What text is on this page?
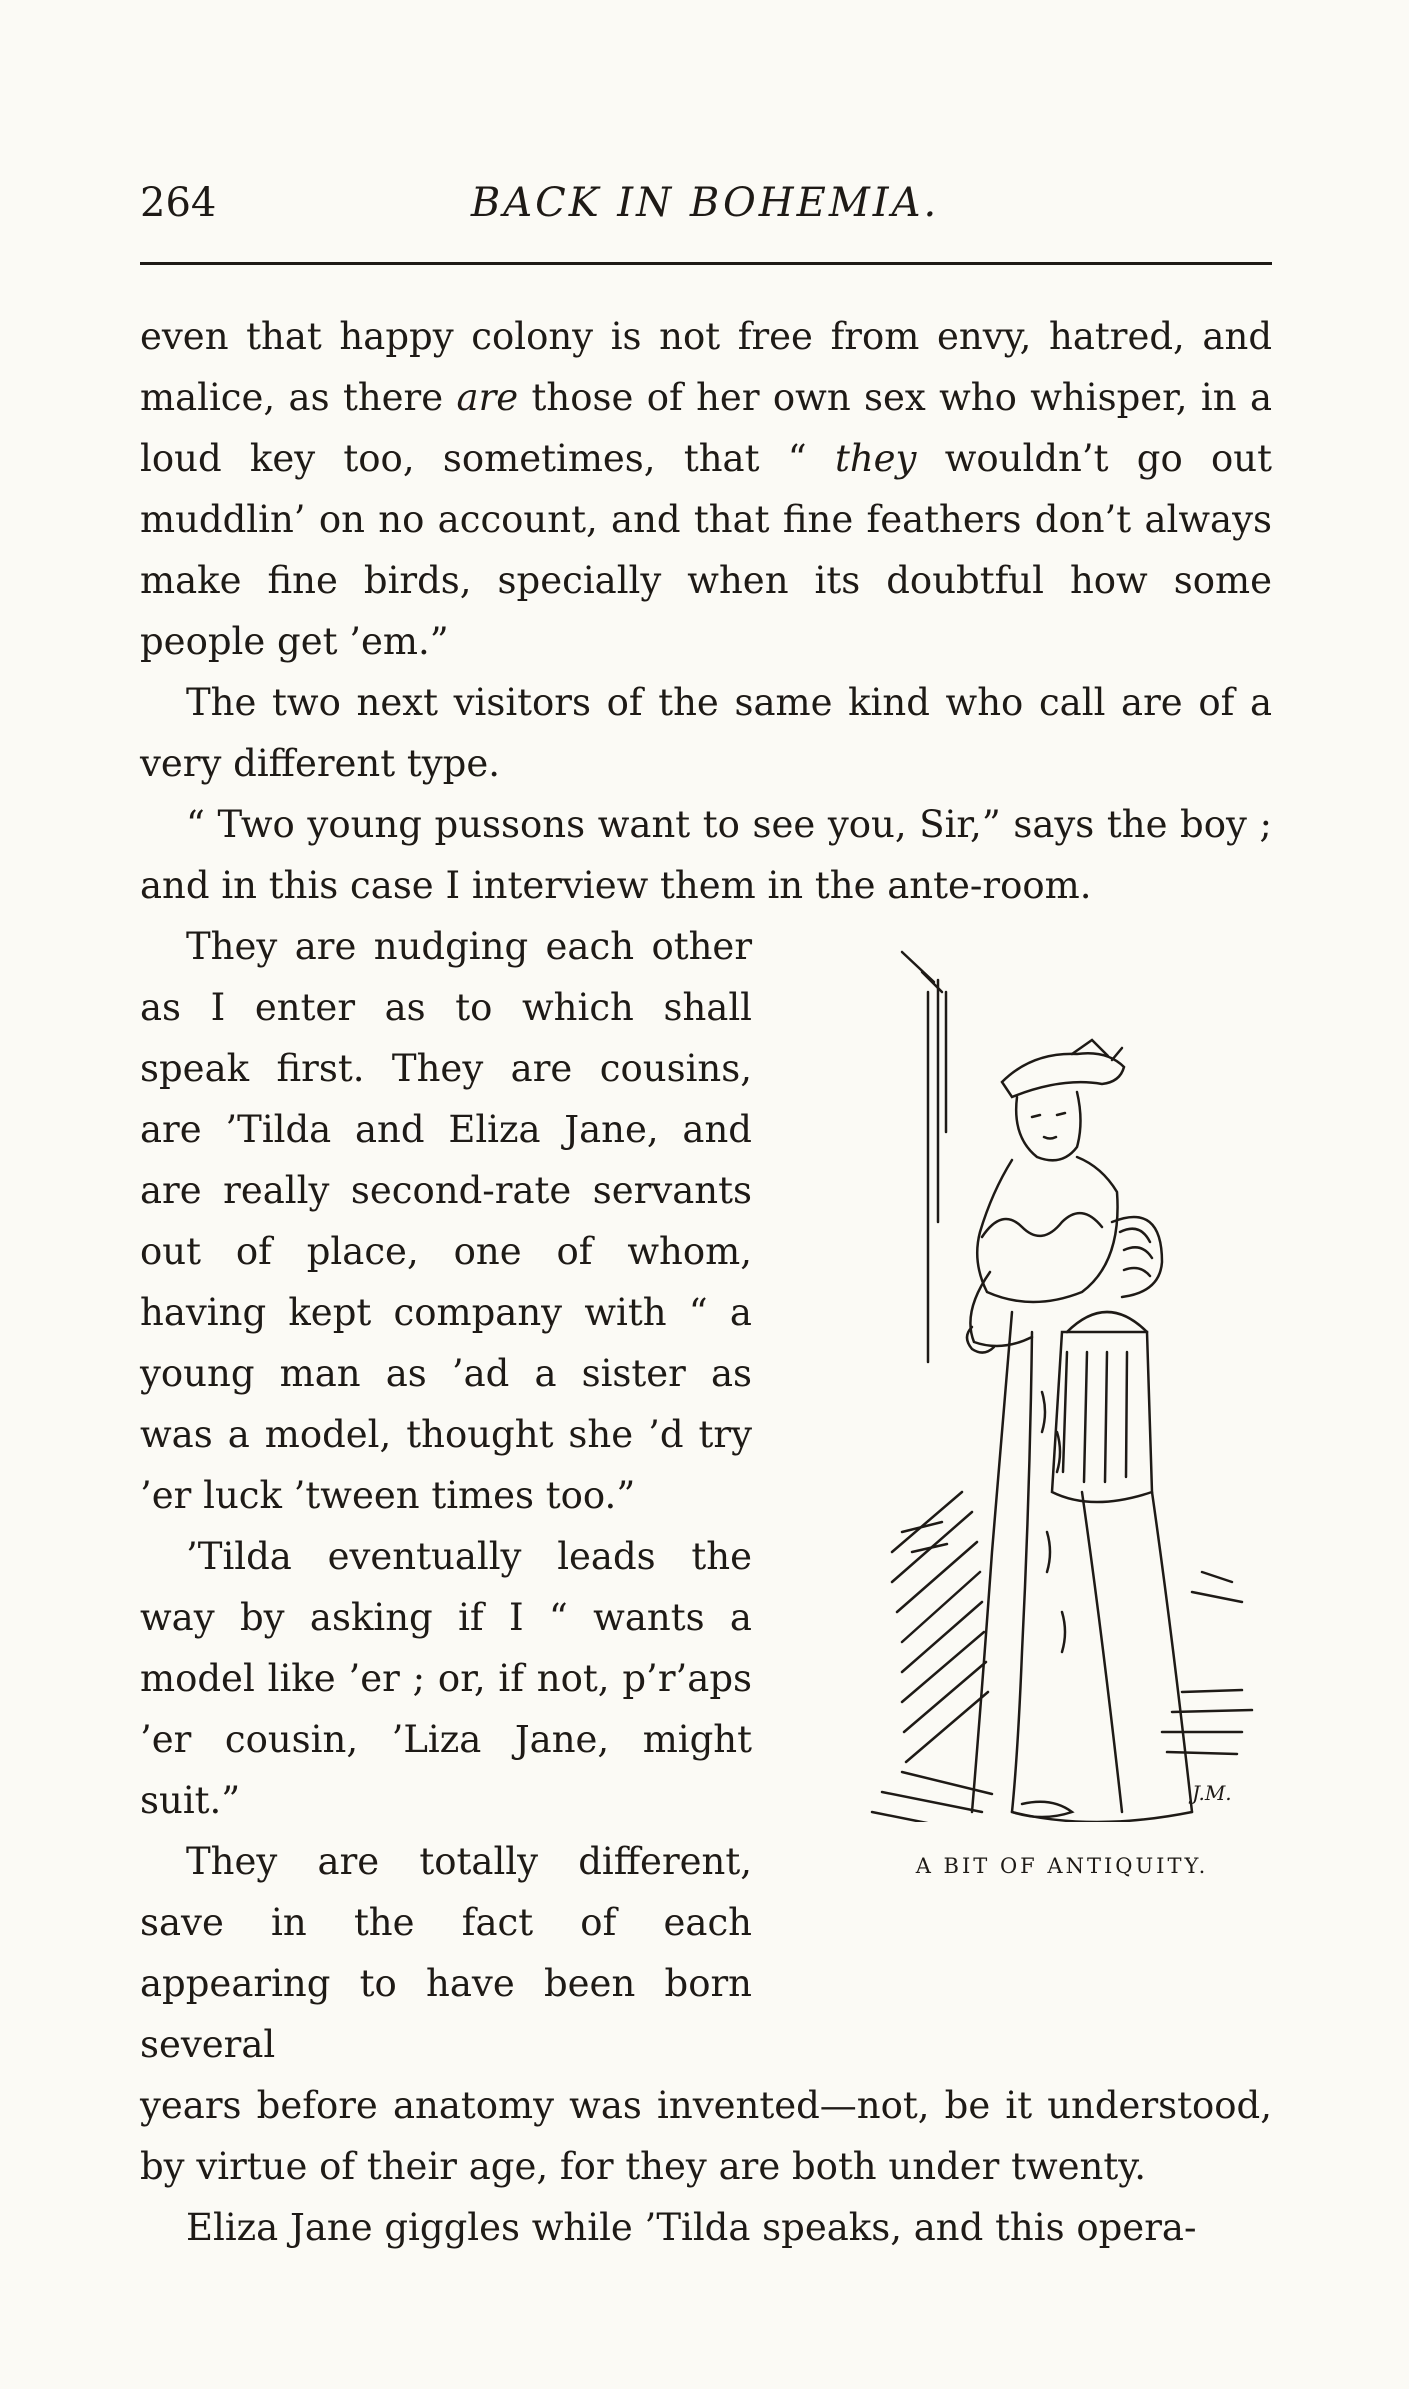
264	BACK IN BOHEMIA.

even that happy colony is not free from envy, hatred, and malice, as there are those of her own sex who whisper, in a loud key too, sometimes, that “ they wouldn’t go out muddlin’ on no account, and that fine feathers don’t always make fine birds, specially when its doubtful how some people get ’em.”

The two next visitors of the same kind who call are of a very different type.

“ Two young pussons want to see you, Sir,” says the boy ; and in this case I interview them in the ante-room.

They are nudging each other as I enter as to which shall speak first. They are cousins, are ’Tilda and Eliza Jane, and are really second-rate servants out of place, one of whom, having kept company with “ a young man as ’ad a sister as was a model, thought she ’d try ’er luck ’tween times too.”

’Tilda eventually leads the way by asking if I “ wants a model like ’er ; or, if not, p’r’aps ’er cousin, ’Liza Jane, might suit.”

They are totally different, save in the fact of each appearing to have been born several

J.M.
A BIT OF ANTIQUITY.

years before anatomy was invented—not, be it understood, by virtue of their age, for they are both under twenty.

Eliza Jane giggles while ’Tilda speaks, and this opera-
